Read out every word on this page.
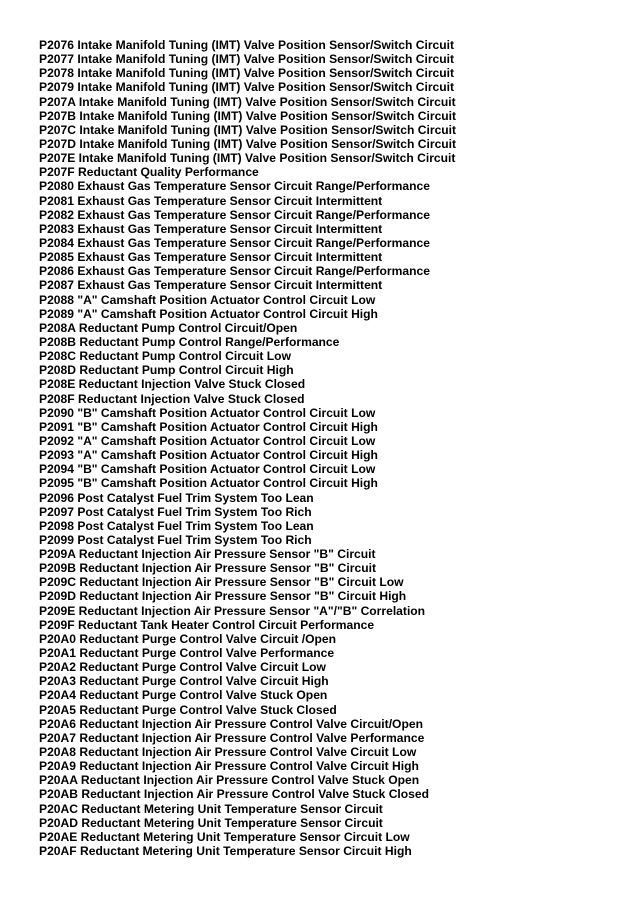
P2076 Intake Manifold Tuning (IMT) Valve Position Sensor/Switch Circuit
P2077 Intake Manifold Tuning (IMT) Valve Position Sensor/Switch Circuit
P2078 Intake Manifold Tuning (IMT) Valve Position Sensor/Switch Circuit
P2079 Intake Manifold Tuning (IMT) Valve Position Sensor/Switch Circuit
P207A Intake Manifold Tuning (IMT) Valve Position Sensor/Switch Circuit
P207B Intake Manifold Tuning (IMT) Valve Position Sensor/Switch Circuit
P207C Intake Manifold Tuning (IMT) Valve Position Sensor/Switch Circuit
P207D Intake Manifold Tuning (IMT) Valve Position Sensor/Switch Circuit
P207E Intake Manifold Tuning (IMT) Valve Position Sensor/Switch Circuit
P207F Reductant Quality Performance
P2080 Exhaust Gas Temperature Sensor Circuit Range/Performance
P2081 Exhaust Gas Temperature Sensor Circuit Intermittent
P2082 Exhaust Gas Temperature Sensor Circuit Range/Performance
P2083 Exhaust Gas Temperature Sensor Circuit Intermittent
P2084 Exhaust Gas Temperature Sensor Circuit Range/Performance
P2085 Exhaust Gas Temperature Sensor Circuit Intermittent
P2086 Exhaust Gas Temperature Sensor Circuit Range/Performance
P2087 Exhaust Gas Temperature Sensor Circuit Intermittent
P2088 "A" Camshaft Position Actuator Control Circuit Low
P2089 "A" Camshaft Position Actuator Control Circuit High
P208A Reductant Pump Control Circuit/Open
P208B Reductant Pump Control Range/Performance
P208C Reductant Pump Control Circuit Low
P208D Reductant Pump Control Circuit High
P208E Reductant Injection Valve Stuck Closed
P208F Reductant Injection Valve Stuck Closed
P2090 "B" Camshaft Position Actuator Control Circuit Low
P2091 "B" Camshaft Position Actuator Control Circuit High
P2092 "A" Camshaft Position Actuator Control Circuit Low
P2093 "A" Camshaft Position Actuator Control Circuit High
P2094 "B" Camshaft Position Actuator Control Circuit Low
P2095 "B" Camshaft Position Actuator Control Circuit High
P2096 Post Catalyst Fuel Trim System Too Lean
P2097 Post Catalyst Fuel Trim System Too Rich
P2098 Post Catalyst Fuel Trim System Too Lean
P2099 Post Catalyst Fuel Trim System Too Rich
P209A Reductant Injection Air Pressure Sensor "B" Circuit
P209B Reductant Injection Air Pressure Sensor "B" Circuit
P209C Reductant Injection Air Pressure Sensor "B" Circuit Low
P209D Reductant Injection Air Pressure Sensor "B" Circuit High
P209E Reductant Injection Air Pressure Sensor "A"/"B" Correlation
P209F Reductant Tank Heater Control Circuit Performance
P20A0 Reductant Purge Control Valve Circuit /Open
P20A1 Reductant Purge Control Valve Performance
P20A2 Reductant Purge Control Valve Circuit Low
P20A3 Reductant Purge Control Valve Circuit High
P20A4 Reductant Purge Control Valve Stuck Open
P20A5 Reductant Purge Control Valve Stuck Closed
P20A6 Reductant Injection Air Pressure Control Valve Circuit/Open
P20A7 Reductant Injection Air Pressure Control Valve Performance
P20A8 Reductant Injection Air Pressure Control Valve Circuit Low
P20A9 Reductant Injection Air Pressure Control Valve Circuit High
P20AA Reductant Injection Air Pressure Control Valve Stuck Open
P20AB Reductant Injection Air Pressure Control Valve Stuck Closed
P20AC Reductant Metering Unit Temperature Sensor Circuit
P20AD Reductant Metering Unit Temperature Sensor Circuit
P20AE Reductant Metering Unit Temperature Sensor Circuit Low
P20AF Reductant Metering Unit Temperature Sensor Circuit High
